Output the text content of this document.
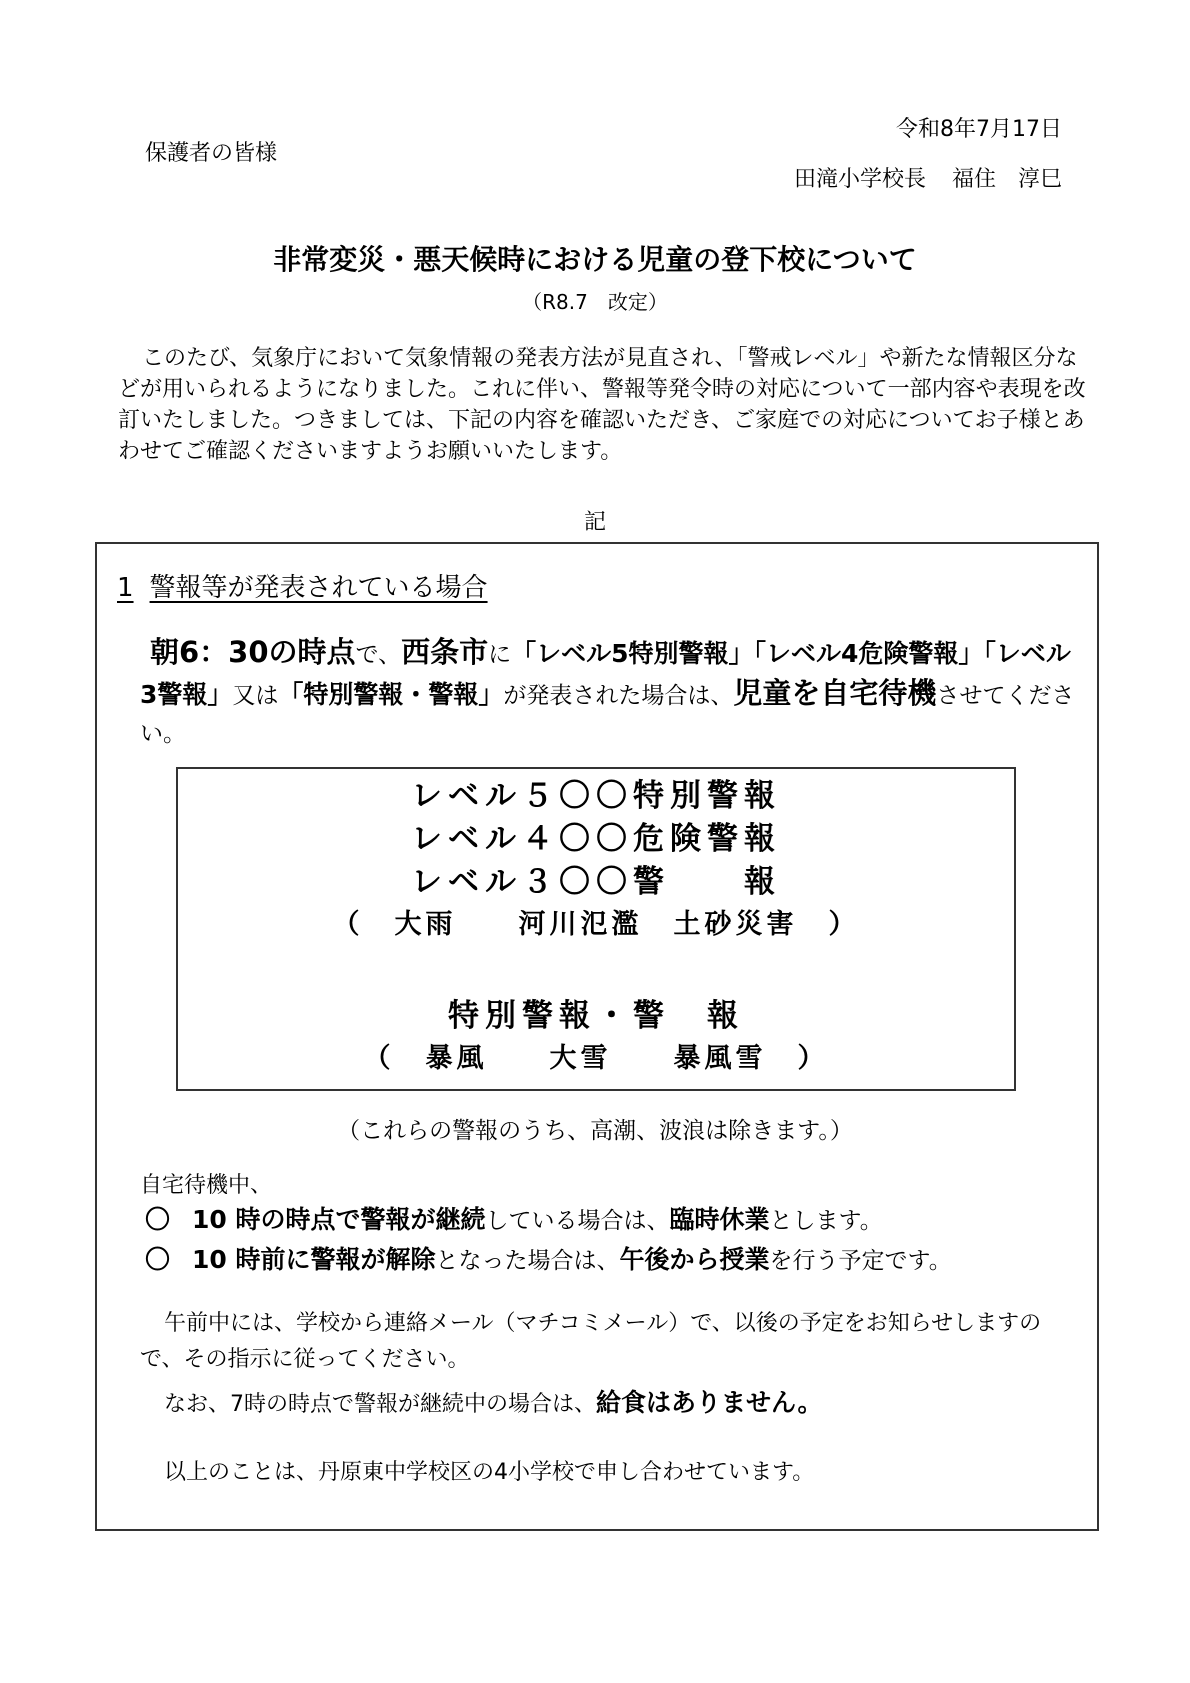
令和8年7月17日
保護者の皆様
田滝小学校長 福住　淳巳
非常変災・悪天候時における児童の登下校について
（R8.7　改定）
このたび、気象庁において気象情報の発表方法が見直され、「警戒レベル」や新たな情報区分などが用いられるようになりました。これに伴い、警報等発令時の対応について一部内容や表現を改訂いたしました。つきましては、下記の内容を確認いただき、ご家庭での対応についてお子様とあわせてご確認くださいますようお願いいたします。
記
1 警報等が発表されている場合
朝6：30の時点で、西条市に「レベル5特別警報」「レベル4危険警報」「レベル3警報」又は「特別警報・警報」が発表された場合は、児童を自宅待機させてください。
レベル５〇〇特別警報
レベル４〇〇危険警報
レベル３〇〇警　　報
（　大雨　　河川氾濫　土砂災害　）
特別警報・警　報
（　暴風　　大雪　　暴風雪　）
（これらの警報のうち、高潮、波浪は除きます。）
自宅待機中、
〇 10 時の時点で警報が継続している場合は、臨時休業とします。
〇 10 時前に警報が解除となった場合は、午後から授業を行う予定です。
午前中には、学校から連絡メール（マチコミメール）で、以後の予定をお知らせしますので、その指示に従ってください。
なお、7時の時点で警報が継続中の場合は、給食はありません。
以上のことは、丹原東中学校区の4小学校で申し合わせています。
